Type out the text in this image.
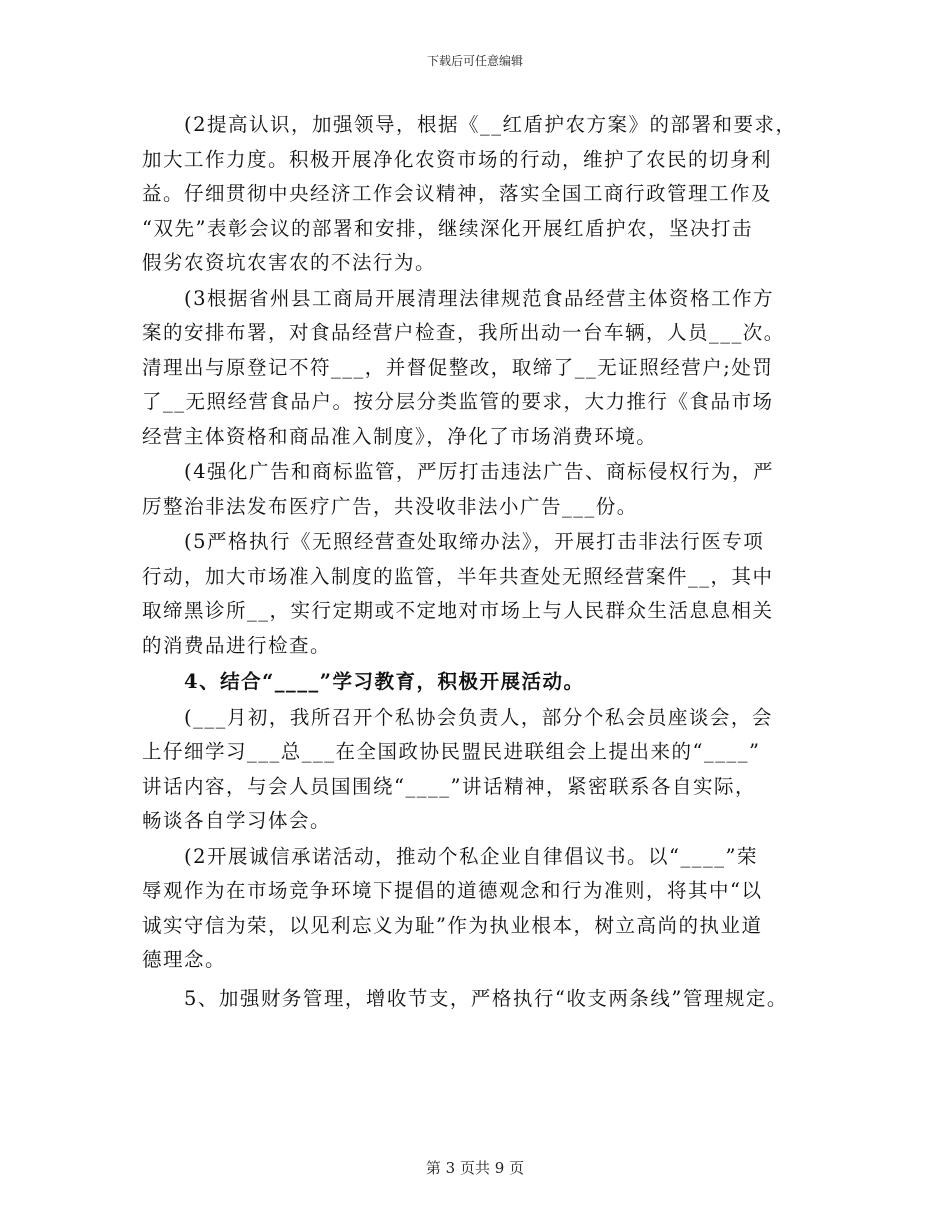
下载后可任意编辑

(2提高认识，加强领导，根据《__红盾护农方案》的部署和要求，
加大工作力度。积极开展净化农资市场的行动，维护了农民的切身利
益。仔细贯彻中央经济工作会议精神，落实全国工商行政管理工作及
“双先”表彰会议的部署和安排，继续深化开展红盾护农，坚决打击
假劣农资坑农害农的不法行为。

(3根据省州县工商局开展清理法律规范食品经营主体资格工作方
案的安排布署，对食品经营户检查，我所出动一台车辆，人员___次。
清理出与原登记不符___，并督促整改，取缔了__无证照经营户;处罚
了__无照经营食品户。按分层分类监管的要求，大力推行《食品市场
经营主体资格和商品准入制度》，净化了市场消费环境。

(4强化广告和商标监管，严厉打击违法广告、商标侵权行为，严
厉整治非法发布医疗广告，共没收非法小广告___份。

(5严格执行《无照经营查处取缔办法》，开展打击非法行医专项
行动，加大市场准入制度的监管，半年共查处无照经营案件__，其中
取缔黑诊所__，实行定期或不定地对市场上与人民群众生活息息相关
的消费品进行检查。

4、结合“____”学习教育，积极开展活动。

(___月初，我所召开个私协会负责人，部分个私会员座谈会，会
上仔细学习___总___在全国政协民盟民进联组会上提出来的“____”
讲话内容，与会人员国围绕“____”讲话精神，紧密联系各自实际，
畅谈各自学习体会。

(2开展诚信承诺活动，推动个私企业自律倡议书。以“____”荣
辱观作为在市场竞争环境下提倡的道德观念和行为准则，将其中“以
诚实守信为荣，以见利忘义为耻”作为执业根本，树立高尚的执业道
德理念。

5、加强财务管理，增收节支，严格执行“收支两条线”管理规定。

第 3 页共 9 页
